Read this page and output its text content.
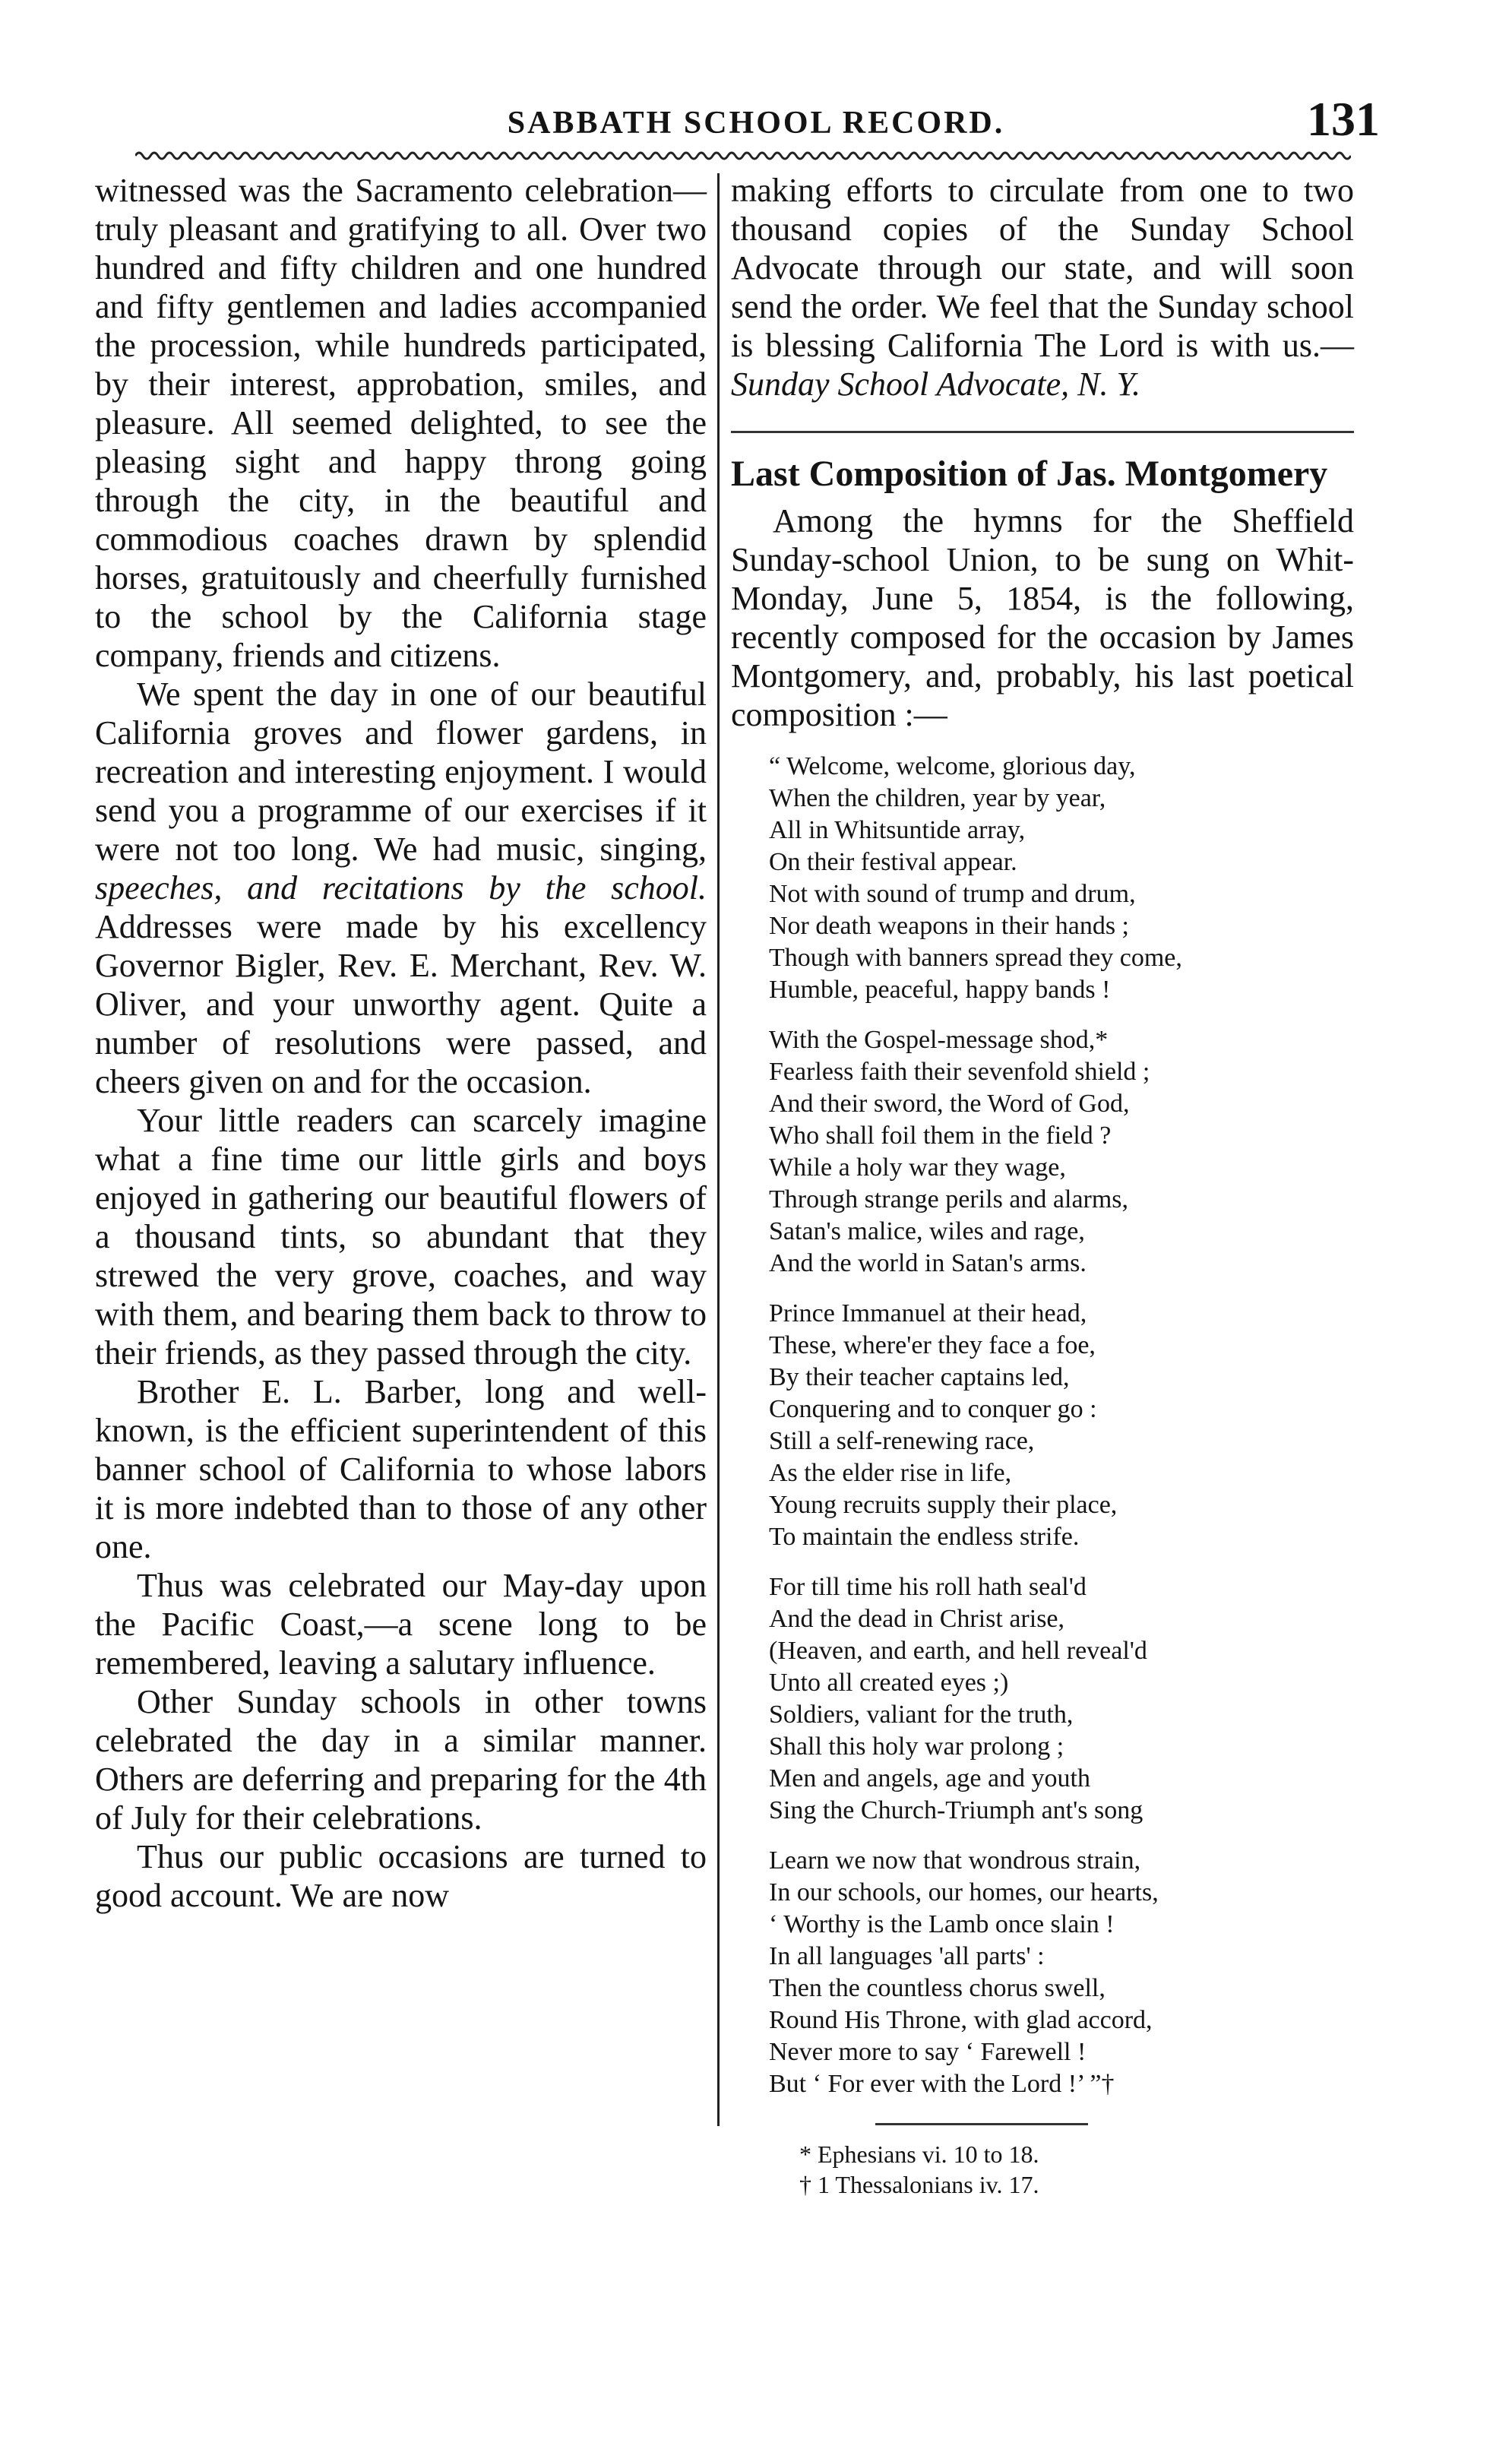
SABBATH SCHOOL RECORD.	131

witnessed was the Sacramento celebration—truly pleasant and gratifying to all. Over two hundred and fifty children and one hundred and fifty gentlemen and ladies accompanied the procession, while hundreds participated, by their interest, approbation, smiles, and pleasure. All seemed delighted, to see the pleasing sight and happy throng going through the city, in the beautiful and commodious coaches drawn by splendid horses, gratuitously and cheerfully furnished to the school by the California stage company, friends and citizens.

We spent the day in one of our beautiful California groves and flower gardens, in recreation and interesting enjoyment. I would send you a programme of our exercises if it were not too long. We had music, singing, speeches, and recitations by the school. Addresses were made by his excellency Governor Bigler, Rev. E. Merchant, Rev. W. Oliver, and your unworthy agent. Quite a number of resolutions were passed, and cheers given on and for the occasion.

Your little readers can scarcely imagine what a fine time our little girls and boys enjoyed in gathering our beautiful flowers of a thousand tints, so abundant that they strewed the very grove, coaches, and way with them, and bearing them back to throw to their friends, as they passed through the city.

Brother E. L. Barber, long and well-known, is the efficient superintendent of this banner school of California to whose labors it is more indebted than to those of any other one.

Thus was celebrated our May-day upon the Pacific Coast,—a scene long to be remembered, leaving a salutary influence.

Other Sunday schools in other towns celebrated the day in a similar manner. Others are deferring and preparing for the 4th of July for their celebrations.

Thus our public occasions are turned to good account. We are now

making efforts to circulate from one to two thousand copies of the Sunday School Advocate through our state, and will soon send the order. We feel that the Sunday school is blessing California The Lord is with us.— Sunday School Advocate, N. Y.

Last Composition of Jas. Montgomery

Among the hymns for the Sheffield Sunday-school Union, to be sung on Whit-Monday, June 5, 1854, is the following, recently composed for the occasion by James Montgomery, and, probably, his last poetical composition :—

“ Welcome, welcome, glorious day,
When the children, year by year,
All in Whitsuntide array,
On their festival appear.
Not with sound of trump and drum,
Nor death weapons in their hands ;
Though with banners spread they come,
Humble, peaceful, happy bands !
With the Gospel-message shod,*
Fearless faith their sevenfold shield ;
And their sword, the Word of God,
Who shall foil them in the field ?
While a holy war they wage,
Through strange perils and alarms,
Satan's malice, wiles and rage,
And the world in Satan's arms.
Prince Immanuel at their head,
These, where'er they face a foe,
By their teacher captains led,
Conquering and to conquer go :
Still a self-renewing race,
As the elder rise in life,
Young recruits supply their place,
To maintain the endless strife.
For till time his roll hath seal'd
And the dead in Christ arise,
(Heaven, and earth, and hell reveal'd
Unto all created eyes ;)
Soldiers, valiant for the truth,
Shall this holy war prolong ;
Men and angels, age and youth
Sing the Church-Triumph ant's song
Learn we now that wondrous strain,
In our schools, our homes, our hearts,
‘ Worthy is the Lamb once slain !
In all languages 'all parts' :
Then the countless chorus swell,
Round His Throne, with glad accord,
Never more to say ‘ Farewell !
But ‘ For ever with the Lord !’ ”†
* Ephesians vi. 10 to 18.
† 1 Thessalonians iv. 17.
